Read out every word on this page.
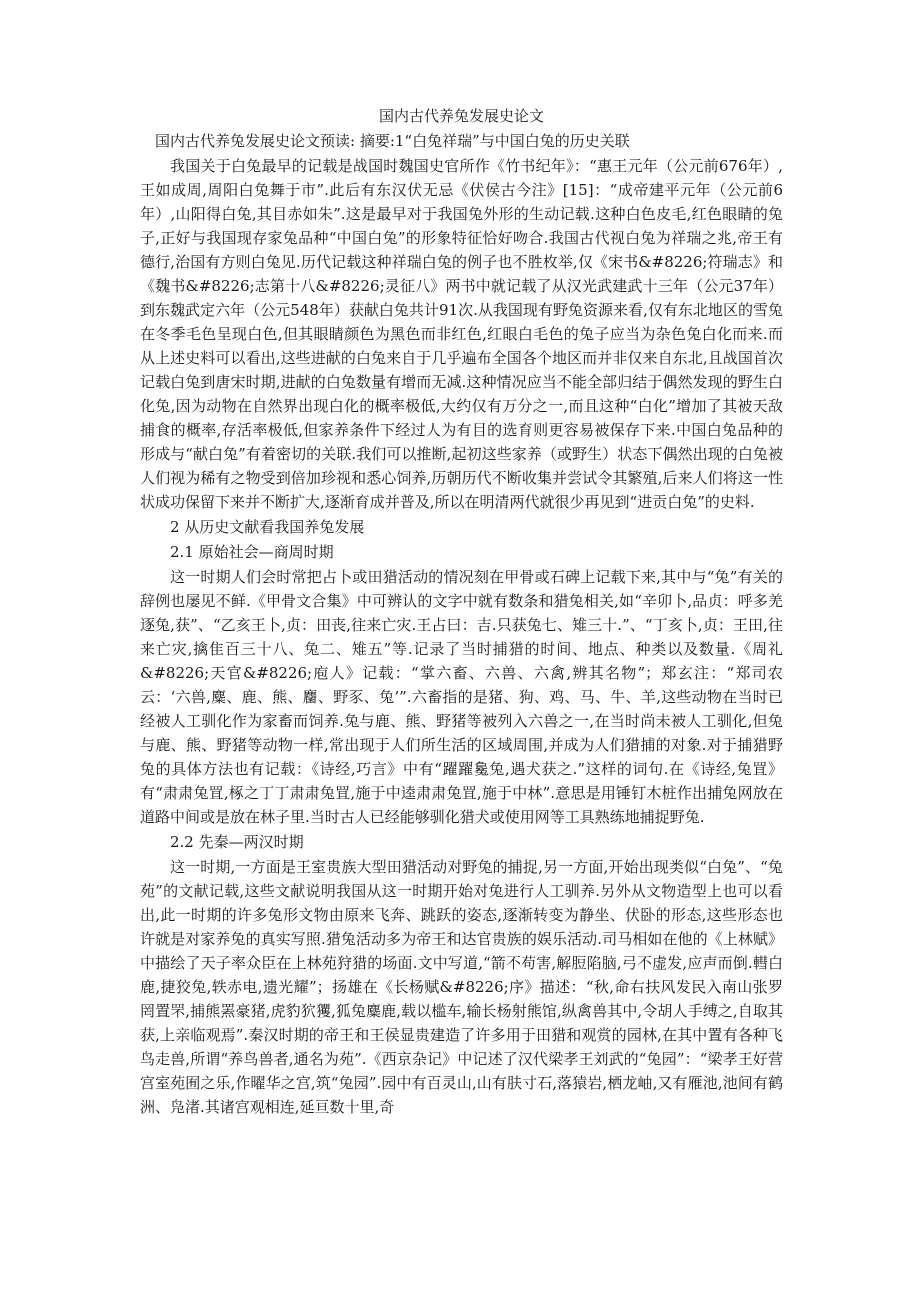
国内古代养兔发展史论文

国内古代养兔发展史论文预读: 摘要:1“白兔祥瑞”与中国白兔的历史关联

我国关于白兔最早的记载是战国时魏国史官所作《竹书纪年》：“惠王元年（公元前676年）,王如成周,周阳白兔舞于市”.此后有东汉伏无忌《伏侯古今注》[15]：“成帝建平元年（公元前6年）,山阳得白兔,其目赤如朱”.这是最早对于我国兔外形的生动记载.这种白色皮毛,红色眼睛的兔子,正好与我国现存家兔品种“中国白兔”的形象特征恰好吻合.我国古代视白兔为祥瑞之兆,帝王有德行,治国有方则白兔见.历代记载这种祥瑞白兔的例子也不胜枚举,仅《宋书&#8226;符瑞志》和《魏书&#8226;志第十八&#8226;灵征八》两书中就记载了从汉光武建武十三年（公元37年）到东魏武定六年（公元548年）获献白兔共计91次.从我国现有野兔资源来看,仅有东北地区的雪兔在冬季毛色呈现白色,但其眼睛颜色为黑色而非红色,红眼白毛色的兔子应当为杂色兔白化而来.而从上述史料可以看出,这些进献的白兔来自于几乎遍布全国各个地区而并非仅来自东北,且战国首次记载白兔到唐宋时期,进献的白兔数量有增而无减.这种情况应当不能全部归结于偶然发现的野生白化兔,因为动物在自然界出现白化的概率极低,大约仅有万分之一,而且这种“白化”增加了其被天敌捕食的概率,存活率极低,但家养条件下经过人为有目的选育则更容易被保存下来.中国白兔品种的形成与“献白兔”有着密切的关联.我们可以推断,起初这些家养（或野生）状态下偶然出现的白兔被人们视为稀有之物受到倍加珍视和悉心饲养,历朝历代不断收集并尝试令其繁殖,后来人们将这一性状成功保留下来并不断扩大,逐渐育成并普及,所以在明清两代就很少再见到“进贡白兔”的史料.

2 从历史文献看我国养兔发展

2.1 原始社会—商周时期

这一时期人们会时常把占卜或田猎活动的情况刻在甲骨或石碑上记载下来,其中与“兔”有关的辞例也屡见不鲜.《甲骨文合集》中可辨认的文字中就有数条和猎兔相关,如“辛卯卜,品贞：呼多羌逐兔,获”、“乙亥王卜,贞：田丧,往来亡灾.王占曰：吉.只获兔七、雉三十.”、“丁亥卜,贞：王田,往来亡灾,擒隹百三十八、兔二、雉五”等.记录了当时捕猎的时间、地点、种类以及数量.《周礼&#8226;天官&#8226;庖人》记载：“掌六畜、六兽、六禽,辨其名物”；郑玄注：“郑司农云：‘六兽,麋、鹿、熊、麕、野豕、兔’”.六畜指的是猪、狗、鸡、马、牛、羊,这些动物在当时已经被人工驯化作为家畜而饲养.兔与鹿、熊、野猪等被列入六兽之一,在当时尚未被人工驯化,但兔与鹿、熊、野猪等动物一样,常出现于人们所生活的区域周围,并成为人们猎捕的对象.对于捕猎野兔的具体方法也有记载：《诗经,巧言》中有“躍躍毚兔,遇犬获之.”这样的词句.在《诗经,兔罝》有“肃肃兔罝,椓之丁丁肃肃兔罝,施于中逵肃肃兔罝,施于中林”.意思是用锤钉木桩作出捕兔网放在道路中间或是放在林子里.当时古人已经能够驯化猎犬或使用网等工具熟练地捕捉野兔.

2.2 先秦—两汉时期

这一时期,一方面是王室贵族大型田猎活动对野兔的捕捉,另一方面,开始出现类似“白兔”、“兔苑”的文献记载,这些文献说明我国从这一时期开始对兔进行人工驯养.另外从文物造型上也可以看出,此一时期的许多兔形文物由原来飞奔、跳跃的姿态,逐渐转变为静坐、伏卧的形态,这些形态也许就是对家养兔的真实写照.猎兔活动多为帝王和达官贵族的娱乐活动.司马相如在他的《上林赋》中描绘了天子率众臣在上林苑狩猎的场面.文中写道,“箭不苟害,解脰陷脑,弓不虚发,应声而倒.轊白鹿,捷狡兔,轶赤电,遗光耀”；扬雄在《长杨赋&#8226;序》描述：“秋,命右扶风发民入南山张罗罔置罘,捕熊罴豪猪,虎豹狖玃,狐兔麋鹿,载以槛车,输长杨射熊馆,纵禽兽其中,令胡人手缚之,自取其获,上亲临观焉”.秦汉时期的帝王和王侯显贵建造了许多用于田猎和观赏的园林,在其中置有各种飞鸟走兽,所谓“养鸟兽者,通名为苑”.《西京杂记》中记述了汉代梁孝王刘武的“兔园”：“梁孝王好营宫室苑囿之乐,作曜华之宫,筑“兔园”.园中有百灵山,山有肤寸石,落猿岩,栖龙岫,又有雁池,池间有鹤洲、凫渚.其诸宫观相连,延亘数十里,奇
